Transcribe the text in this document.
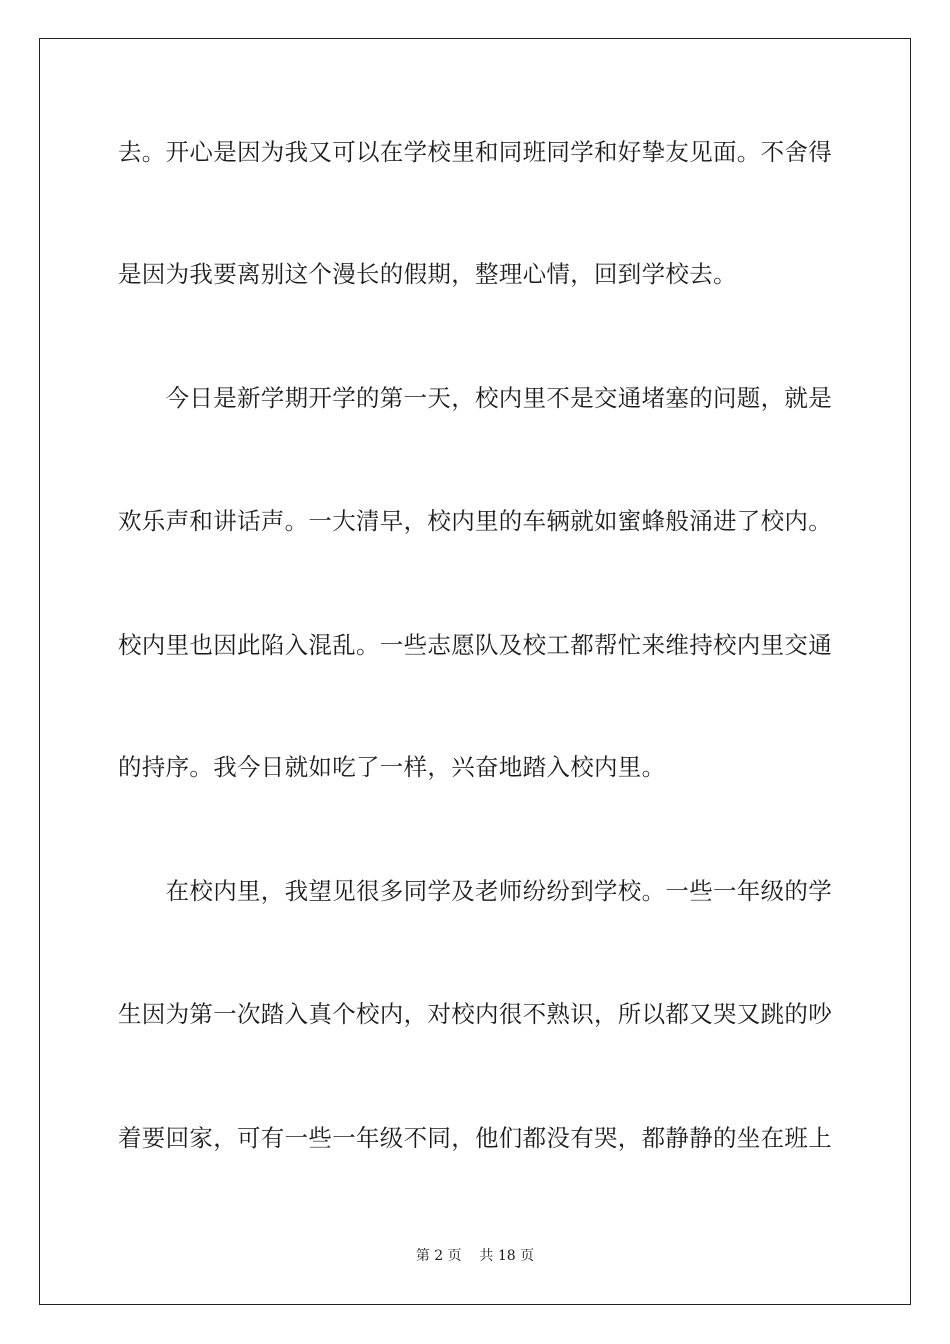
去。开心是因为我又可以在学校里和同班同学和好挚友见面。不舍得
是因为我要离别这个漫长的假期，整理心情，回到学校去。
　　今日是新学期开学的第一天，校内里不是交通堵塞的问题，就是
欢乐声和讲话声。一大清早，校内里的车辆就如蜜蜂般涌进了校内。
校内里也因此陷入混乱。一些志愿队及校工都帮忙来维持校内里交通
的持序。我今日就如吃了一样，兴奋地踏入校内里。
　　在校内里，我望见很多同学及老师纷纷到学校。一些一年级的学
生因为第一次踏入真个校内，对校内很不熟识，所以都又哭又跳的吵
着要回家，可有一些一年级不同，他们都没有哭，都静静的坐在班上
第 2 页    共 18 页
